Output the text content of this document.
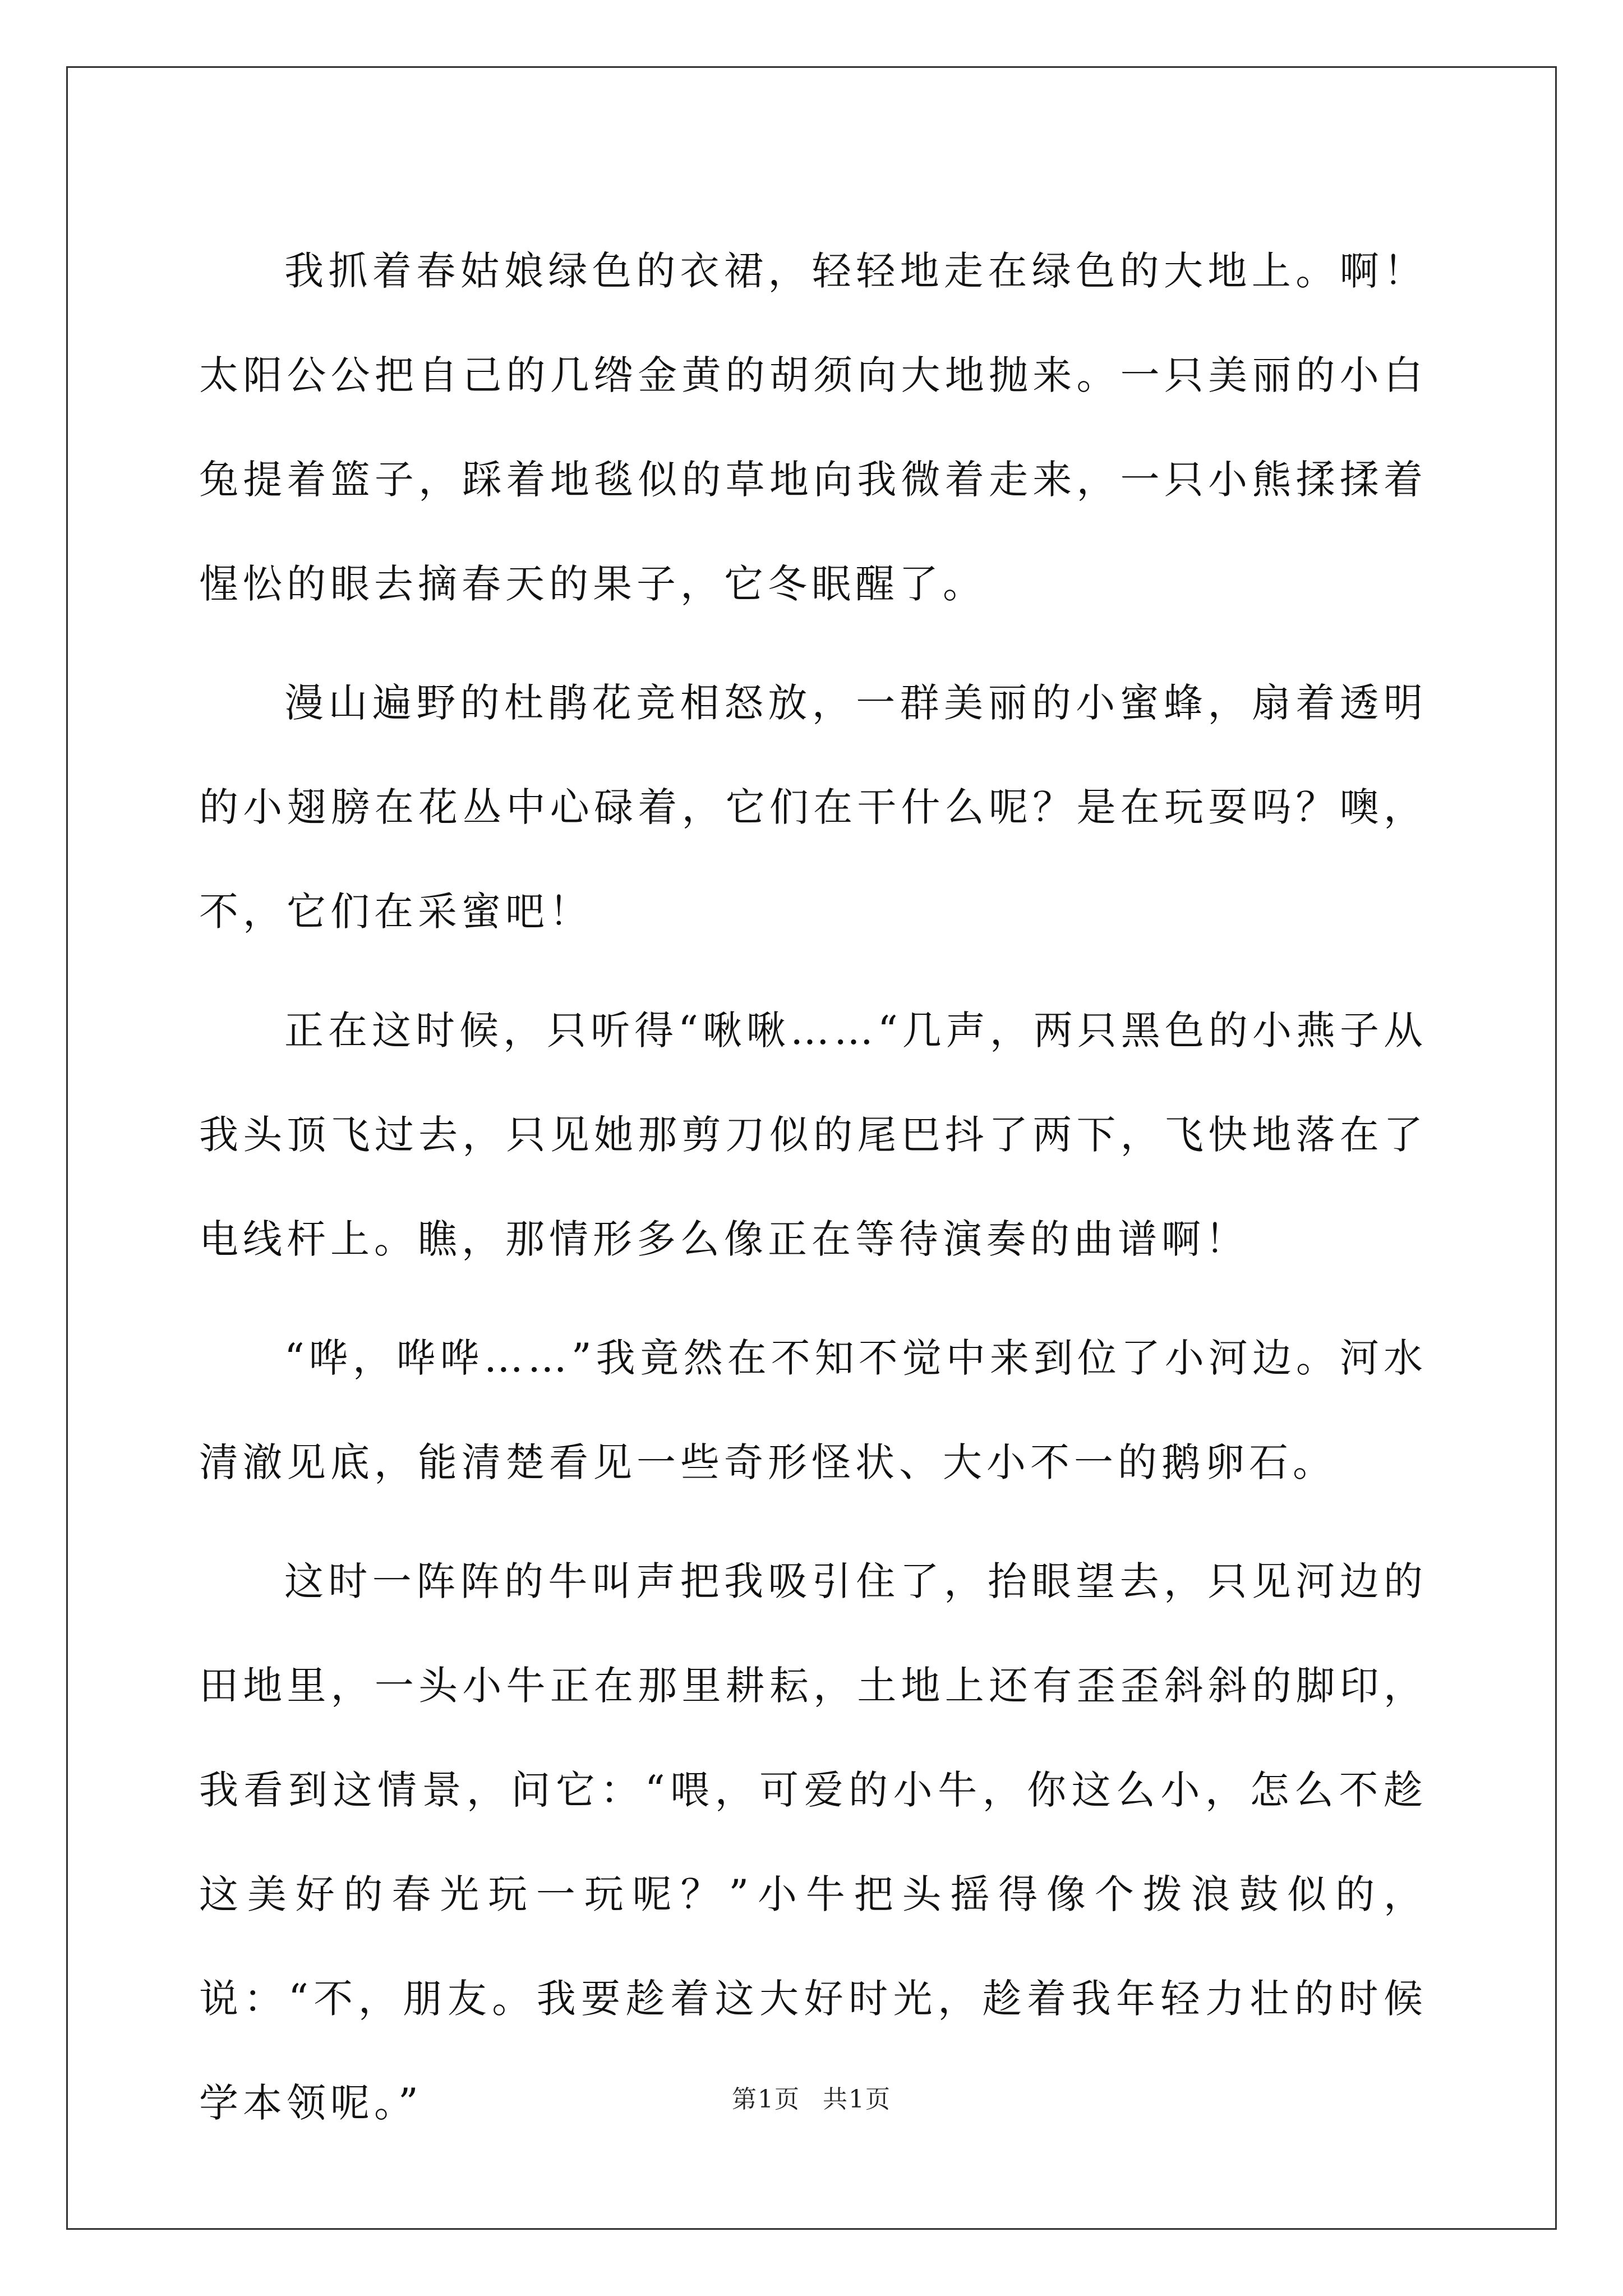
我抓着春姑娘绿色的衣裙，轻轻地走在绿色的大地上。啊！太阳公公把自己的几绺金黄的胡须向大地抛来。一只美丽的小白兔提着篮子，踩着地毯似的草地向我微着走来，一只小熊揉揉着惺忪的眼去摘春天的果子，它冬眠醒了。

漫山遍野的杜鹃花竞相怒放，一群美丽的小蜜蜂，扇着透明的小翅膀在花丛中心碌着，它们在干什么呢？是在玩耍吗？噢，不，它们在采蜜吧！

正在这时候，只听得“啾啾……“几声，两只黑色的小燕子从我头顶飞过去，只见她那剪刀似的尾巴抖了两下，飞快地落在了电线杆上。瞧，那情形多么像正在等待演奏的曲谱啊！

“哗，哗哗……”我竟然在不知不觉中来到位了小河边。河水清澈见底，能清楚看见一些奇形怪状、大小不一的鹅卵石。

这时一阵阵的牛叫声把我吸引住了，抬眼望去，只见河边的田地里，一头小牛正在那里耕耘，土地上还有歪歪斜斜的脚印，我看到这情景，问它：“喂，可爱的小牛，你这么小，怎么不趁这美好的春光玩一玩呢？”小牛把头摇得像个拨浪鼓似的，说：“不，朋友。我要趁着这大好时光，趁着我年轻力壮的时候学本领呢。”	第1页 共1页
